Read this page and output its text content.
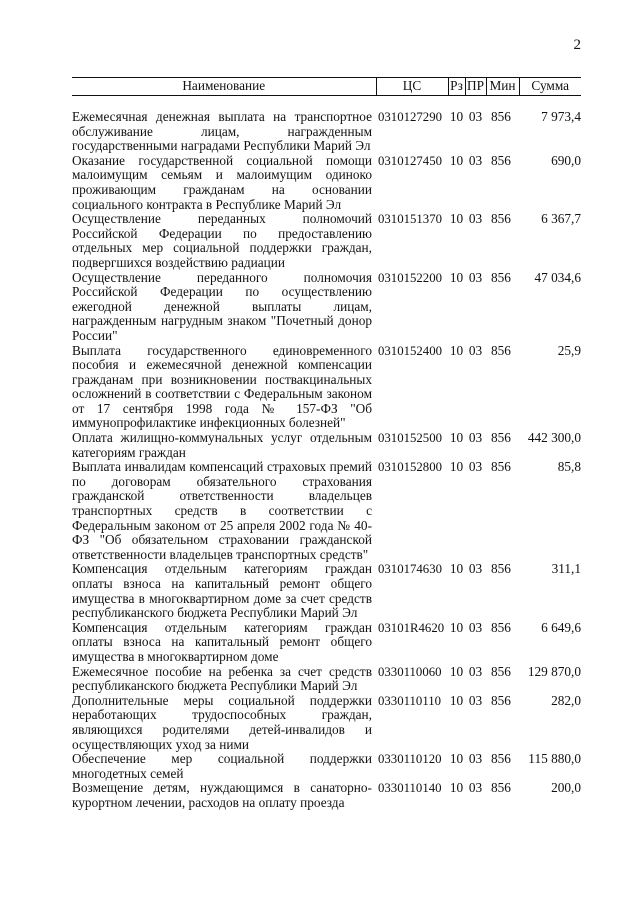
2
Наименование	ЦС	Рз	ПР	Мин	Сумма
Ежемесячная денежная выплата на транспортное обслуживание лицам, награжденным государственными наградами Республики Марий Эл	0310127290	10	03	856	7 973,4
Оказание государственной социальной помощи малоимущим семьям и малоимущим одиноко проживающим гражданам на основании социального контракта в Республике Марий Эл	0310127450	10	03	856	690,0
Осуществление переданных полномочий Российской Федерации по предоставлению отдельных мер социальной поддержки граждан, подвергшихся воздействию радиации	0310151370	10	03	856	6 367,7
Осуществление переданного полномочия Российской Федерации по осуществлению ежегодной денежной выплаты лицам, награжденным нагрудным знаком "Почетный донор России"	0310152200	10	03	856	47 034,6
Выплата государственного единовременного пособия и ежемесячной денежной компенсации гражданам при возникновении поствакцинальных осложнений в соответствии с Федеральным законом от 17 сентября 1998 года № 157-ФЗ "Об иммунопрофилактике инфекционных болезней"	0310152400	10	03	856	25,9
Оплата жилищно-коммунальных услуг отдельным категориям граждан	0310152500	10	03	856	442 300,0
Выплата инвалидам компенсаций страховых премий по договорам обязательного страхования гражданской ответственности владельцев транспортных средств в соответствии с Федеральным законом от 25 апреля 2002 года № 40-ФЗ "Об обязательном страховании гражданской ответственности владельцев транспортных средств"	0310152800	10	03	856	85,8
Компенсация отдельным категориям граждан оплаты взноса на капитальный ремонт общего имущества в многоквартирном доме за счет средств республиканского бюджета Республики Марий Эл	0310174630	10	03	856	311,1
Компенсация отдельным категориям граждан оплаты взноса на капитальный ремонт общего имущества в многоквартирном доме	03101R4620	10	03	856	6 649,6
Ежемесячное пособие на ребенка за счет средств республиканского бюджета Республики Марий Эл	0330110060	10	03	856	129 870,0
Дополнительные меры социальной поддержки неработающих трудоспособных граждан, являющихся родителями детей-инвалидов и осуществляющих уход за ними	0330110110	10	03	856	282,0
Обеспечение мер социальной поддержки многодетных семей	0330110120	10	03	856	115 880,0
Возмещение детям, нуждающимся в санаторно-курортном лечении, расходов на оплату проезда	0330110140	10	03	856	200,0
